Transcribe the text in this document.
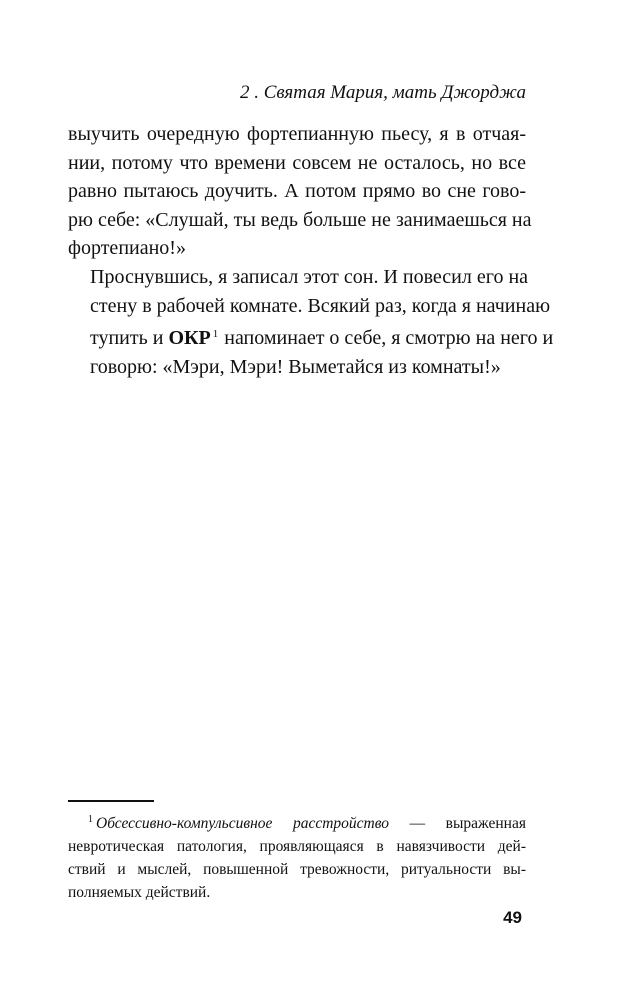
2 . Святая Мария, мать Джорджа

выучить очередную фортепианную пьесу, я в отчая-
нии, потому что времени совсем не осталось, но все
равно пытаюсь доучить. А потом прямо во сне гово-
рю себе: «Слушай, ты ведь больше не занимаешься на
фортепиано!»

Проснувшись, я записал этот сон. И повесил его на
стену в рабочей комнате. Всякий раз, когда я начинаю
тупить и ОКР $^1$ напоминает о себе, я смотрю на него и
говорю: «Мэри, Мэри! Выметайся из комнаты!»

$^1$ Обсессивно-компульсивное расстройство — выраженная
невротическая патология, проявляющаяся в навязчивости дей-
ствий и мыслей, повышенной тревожности, ритуальности вы-
полняемых действий.
49
